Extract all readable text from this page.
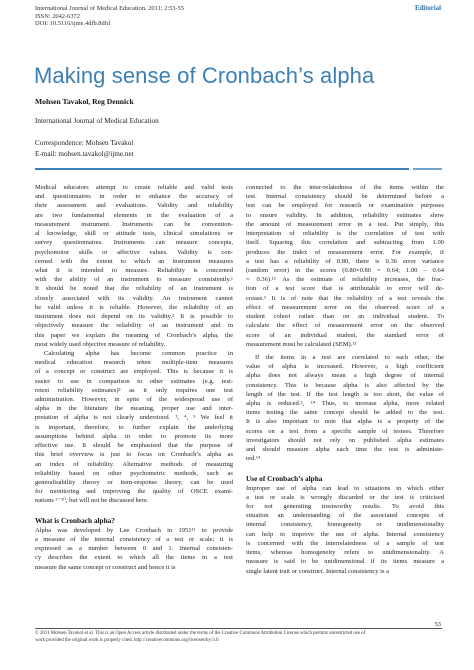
International Journal of Medical Education. 2011; 2:53-55
ISSN: 2042-6372
DOI: 10.5116/ijme.4dfb.8dfd
Editorial
Making sense of Cronbach’s alpha
Mohsen Tavakol, Reg Dennick
International Journal of Medical Education
Correspondence: Mohsen Tavakol
E-mail: mohsen.tavakol@ijme.net
Medical educators attempt to create reliable and valid tests
and questionnaires in order to enhance the accuracy of
their assessment and evaluations. Validity and reliability
are two fundamental elements in the evaluation of a
measurement instrument. Instruments can be convention-
al knowledge, skill or attitude tests, clinical simulations or
survey questionnaires. Instruments can measure concepts,
psychomotor skills or affective values. Validity is con-
cerned with the extent to which an instrument measures
what it is intended to measure. Reliability is concerned
with the ability of an instrument to measure consistently.¹
It should be noted that the reliability of an instrument is
closely associated with its validity. An instrument cannot
be valid unless it is reliable. However, the reliability of an
instrument does not depend on its validity.² It is possible to
objectively measure the reliability of an instrument and in
this paper we explain the meaning of Cronbach’s alpha, the
most widely used objective measure of reliability.
Calculating alpha has become common practice in
medical education research when multiple-item measures
of a concept or construct are employed. This is because it is
easier to use in comparison to other estimates (e.g. test-
retest reliability estimates)³ as it only requires one test
administration. However, in spite of the widespread use of
alpha in the literature the meaning, proper use and inter-
pretation of alpha is not clearly understood. ², ⁴, ⁵ We feel it
is important, therefore, to further explain the underlying
assumptions behind alpha in order to promote its more
effective use. It should be emphasised that the purpose of
this brief overview is just to focus on Cronbach’s alpha as
an index of reliability. Alternative methods of measuring
reliability based on other psychometric methods, such as
generalisability theory or item-response theory, can be used
for monitoring and improving the quality of OSCE exami-
nations ⁶⁻¹⁰, but will not be discussed here.
What is Cronbach alpha?
Alpha was developed by Lee Cronbach in 1951¹¹ to provide
a measure of the internal consistency of a test or scale; it is
expressed as a number between 0 and 1. Internal consisten-
cy describes the extent to which all the items in a test
measure the same concept or construct and hence it is
connected to the inter-relatedness of the items within the
test. Internal consistency should be determined before a
test can be employed for research or examination purposes
to ensure validity. In addition, reliability estimates show
the amount of measurement error in a test. Put simply, this
interpretation of reliability is the correlation of test with
itself. Squaring this correlation and subtracting from 1.00
produces the index of measurement error. For example, if
a test has a reliability of 0.80, there is 0.36 error variance
(random error) in the scores (0.80×0.80 = 0.64; 1.00 – 0.64
= 0.36).¹² As the estimate of reliability increases, the frac-
tion of a test score that is attributable to error will de-
crease.² It is of note that the reliability of a test reveals the
effect of measurement error on the observed score of a
student cohort rather than on an individual student. To
calculate the effect of measurement error on the observed
score of an individual student, the standard error of
measurement must be calculated (SEM).¹³
If the items in a test are correlated to each other, the
value of alpha is increased. However, a high coefficient
alpha does not always mean a high degree of internal
consistency. This is because alpha is also affected by the
length of the test. If the test length is too short, the value of
alpha is reduced.², ¹⁴ Thus, to increase alpha, more related
items testing the same concept should be added to the test.
It is also important to note that alpha is a property of the
scores on a test from a specific sample of testees. Therefore
investigators should not rely on published alpha estimates
and should measure alpha each time the test is administe-
red.¹⁴
Use of Cronbach’s alpha
Improper use of alpha can lead to situations in which either
a test or scale is wrongly discarded or the test is criticised
for not generating trustworthy results. To avoid this
situation an understanding of the associated concepts of
internal consistency, homogeneity or unidimensionality
can help to improve the use of alpha. Internal consistency
is concerned with the interrelatedness of a sample of test
items, whereas homogeneity refers to unidimensionality. A
measure is said to be unidimensional if its items measure a
single latent trait or construct. Internal consistency is a
53
© 2011 Mohsen Tavakol et al. This is an Open Access article distributed under the terms of the Creative Commons Attribution License which permits unrestricted use of
work provided the original work is properly cited. http://creativecommons.org/licenses/by/3.0
